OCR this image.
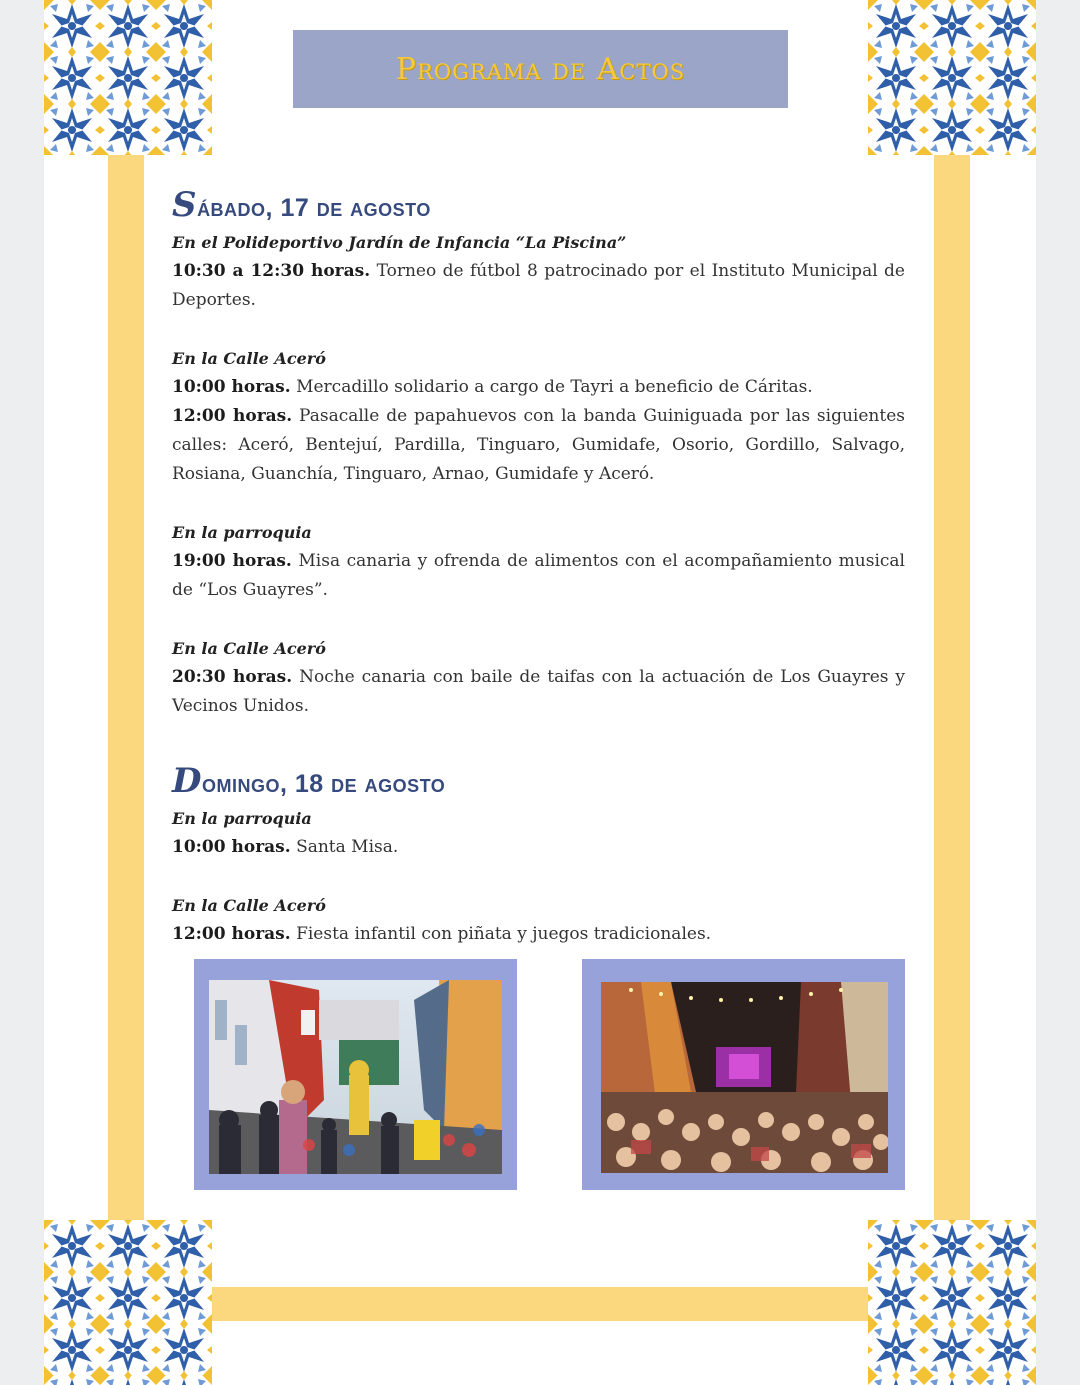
Programa de Actos
Sábado, 17 de agosto

En el Polideportivo Jardín de Infancia “La Piscina”

10:30 a 12:30 horas. Torneo de fútbol 8 patrocinado por el Instituto Municipal de Deportes.

En la Calle Aceró

10:00 horas. Mercadillo solidario a cargo de Tayri a beneficio de Cáritas.

12:00 horas. Pasacalle de papahuevos con la banda Guiniguada por las siguientes calles: Aceró, Bentejuí, Pardilla, Tinguaro, Gumidafe, Osorio, Gordillo, Salvago, Rosiana, Guanchía, Tinguaro, Arnao, Gumidafe y Aceró.

En la parroquia

19:00 horas. Misa canaria y ofrenda de alimentos con el acompañamiento musical de “Los Guayres”.

En la Calle Aceró

20:30 horas. Noche canaria con baile de taifas con la actuación de Los Guayres y Vecinos Unidos.

Domingo, 18 de agosto

En la parroquia

10:00 horas. Santa Misa.

En la Calle Aceró

12:00 horas. Fiesta infantil con piñata y juegos tradicionales.
